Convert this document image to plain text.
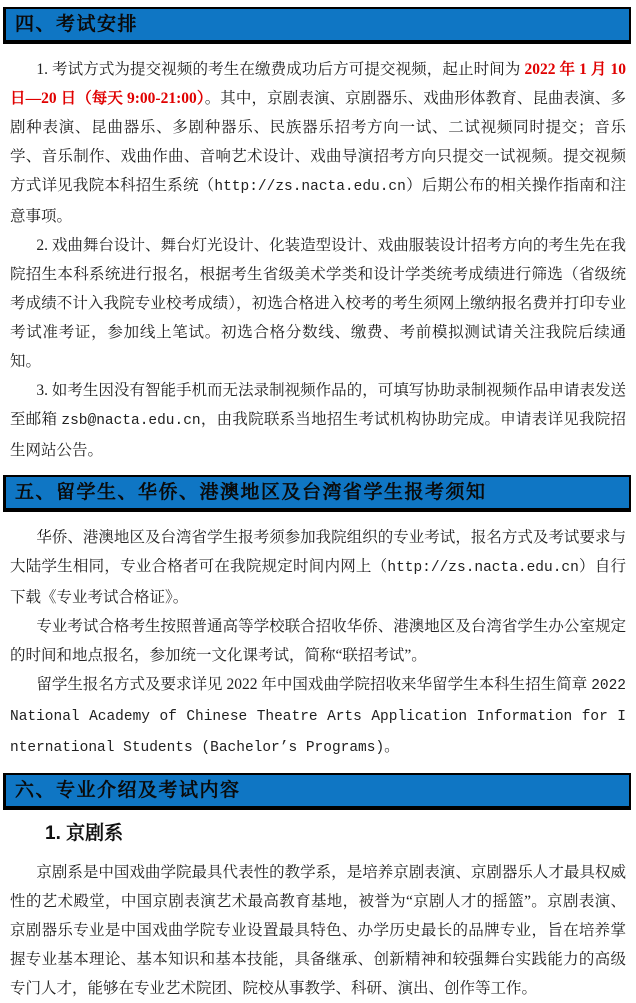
四、考试安排

1. 考试方式为提交视频的考生在缴费成功后方可提交视频，起止时间为 2022 年 1 月 10 日—20 日（每天 9:00-21:00）。其中，京剧表演、京剧器乐、戏曲形体教育、昆曲表演、多剧种表演、昆曲器乐、多剧种器乐、民族器乐招考方向一试、二试视频同时提交；音乐学、音乐制作、戏曲作曲、音响艺术设计、戏曲导演招考方向只提交一试视频。提交视频方式详见我院本科招生系统（http://zs.nacta.edu.cn）后期公布的相关操作指南和注意事项。

2. 戏曲舞台设计、舞台灯光设计、化装造型设计、戏曲服装设计招考方向的考生先在我院招生本科系统进行报名，根据考生省级美术学类和设计学类统考成绩进行筛选（省级统考成绩不计入我院专业校考成绩），初选合格进入校考的考生须网上缴纳报名费并打印专业考试准考证，参加线上笔试。初选合格分数线、缴费、考前模拟测试请关注我院后续通知。

3. 如考生因没有智能手机而无法录制视频作品的，可填写协助录制视频作品申请表发送至邮箱 zsb@nacta.edu.cn，由我院联系当地招生考试机构协助完成。申请表详见我院招生网站公告。

五、留学生、华侨、港澳地区及台湾省学生报考须知

华侨、港澳地区及台湾省学生报考须参加我院组织的专业考试，报名方式及考试要求与大陆学生相同，专业合格者可在我院规定时间内网上（http://zs.nacta.edu.cn）自行下载《专业考试合格证》。

专业考试合格考生按照普通高等学校联合招收华侨、港澳地区及台湾省学生办公室规定的时间和地点报名，参加统一文化课考试，简称“联招考试”。

留学生报名方式及要求详见 2022 年中国戏曲学院招收来华留学生本科生招生简章 2022 National Academy of Chinese Theatre Arts Application Information for International Students (Bachelor’s Programs)。

六、专业介绍及考试内容
1. 京剧系

京剧系是中国戏曲学院最具代表性的教学系，是培养京剧表演、京剧器乐人才最具权威性的艺术殿堂，中国京剧表演艺术最高教育基地，被誉为“京剧人才的摇篮”。京剧表演、京剧器乐专业是中国戏曲学院专业设置最具特色、办学历史最长的品牌专业，旨在培养掌握专业基本理论、基本知识和基本技能，具备继承、创新精神和较强舞台实践能力的高级专门人才，能够在专业艺术院团、院校从事教学、科研、演出、创作等工作。
